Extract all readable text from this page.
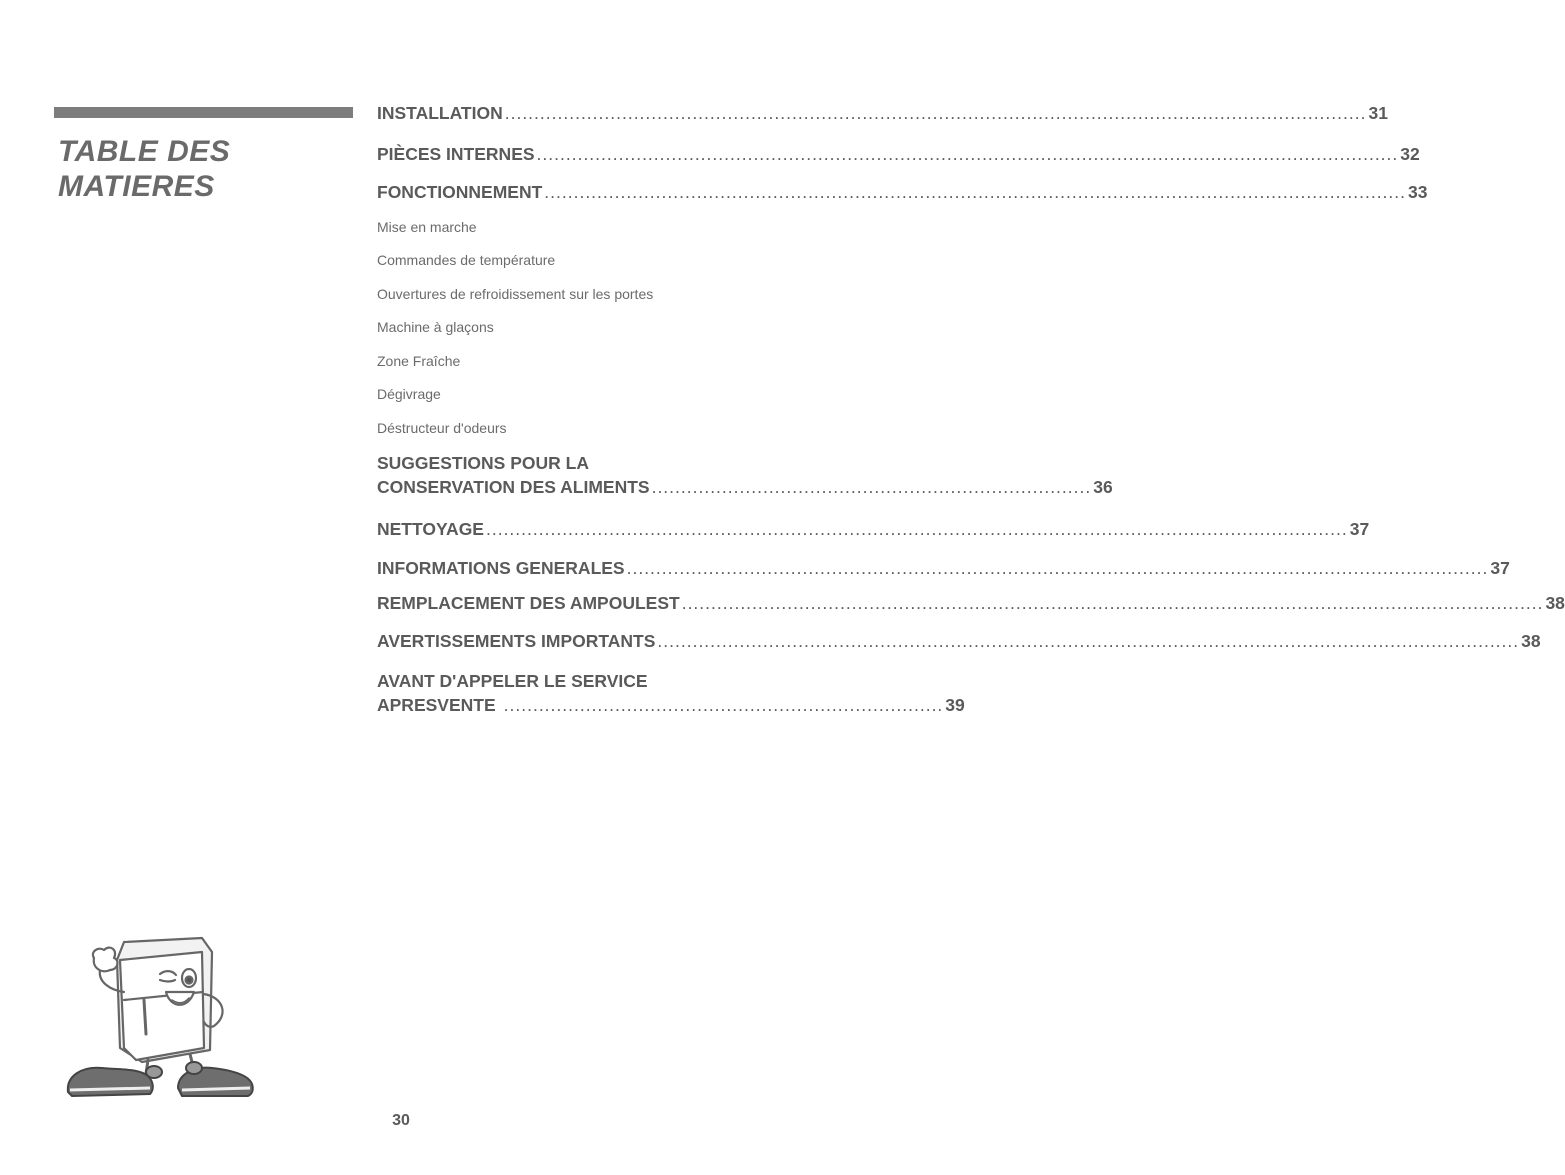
TABLE DES
MATIERES
INSTALLATION .....	31
PIÈCES INTERNES .....	32
FONCTIONNEMENT .....	33
Mise en marche
Commandes de température
Ouvertures de refroidissement sur les portes
Machine à glaçons
Zone Fraîche
Dégivrage
Déstructeur d'odeurs
SUGGESTIONS POUR LA
CONSERVATION DES ALIMENTS ........................................................................... 36
NETTOYAGE .....	37
INFORMATIONS GENERALES .....	37
REMPLACEMENT DES AMPOULEST .....	38
AVERTISSEMENTS IMPORTANTS .....	38
AVANT D'APPELER LE SERVICE
APRESVENTE ........................................................................... 39
30
